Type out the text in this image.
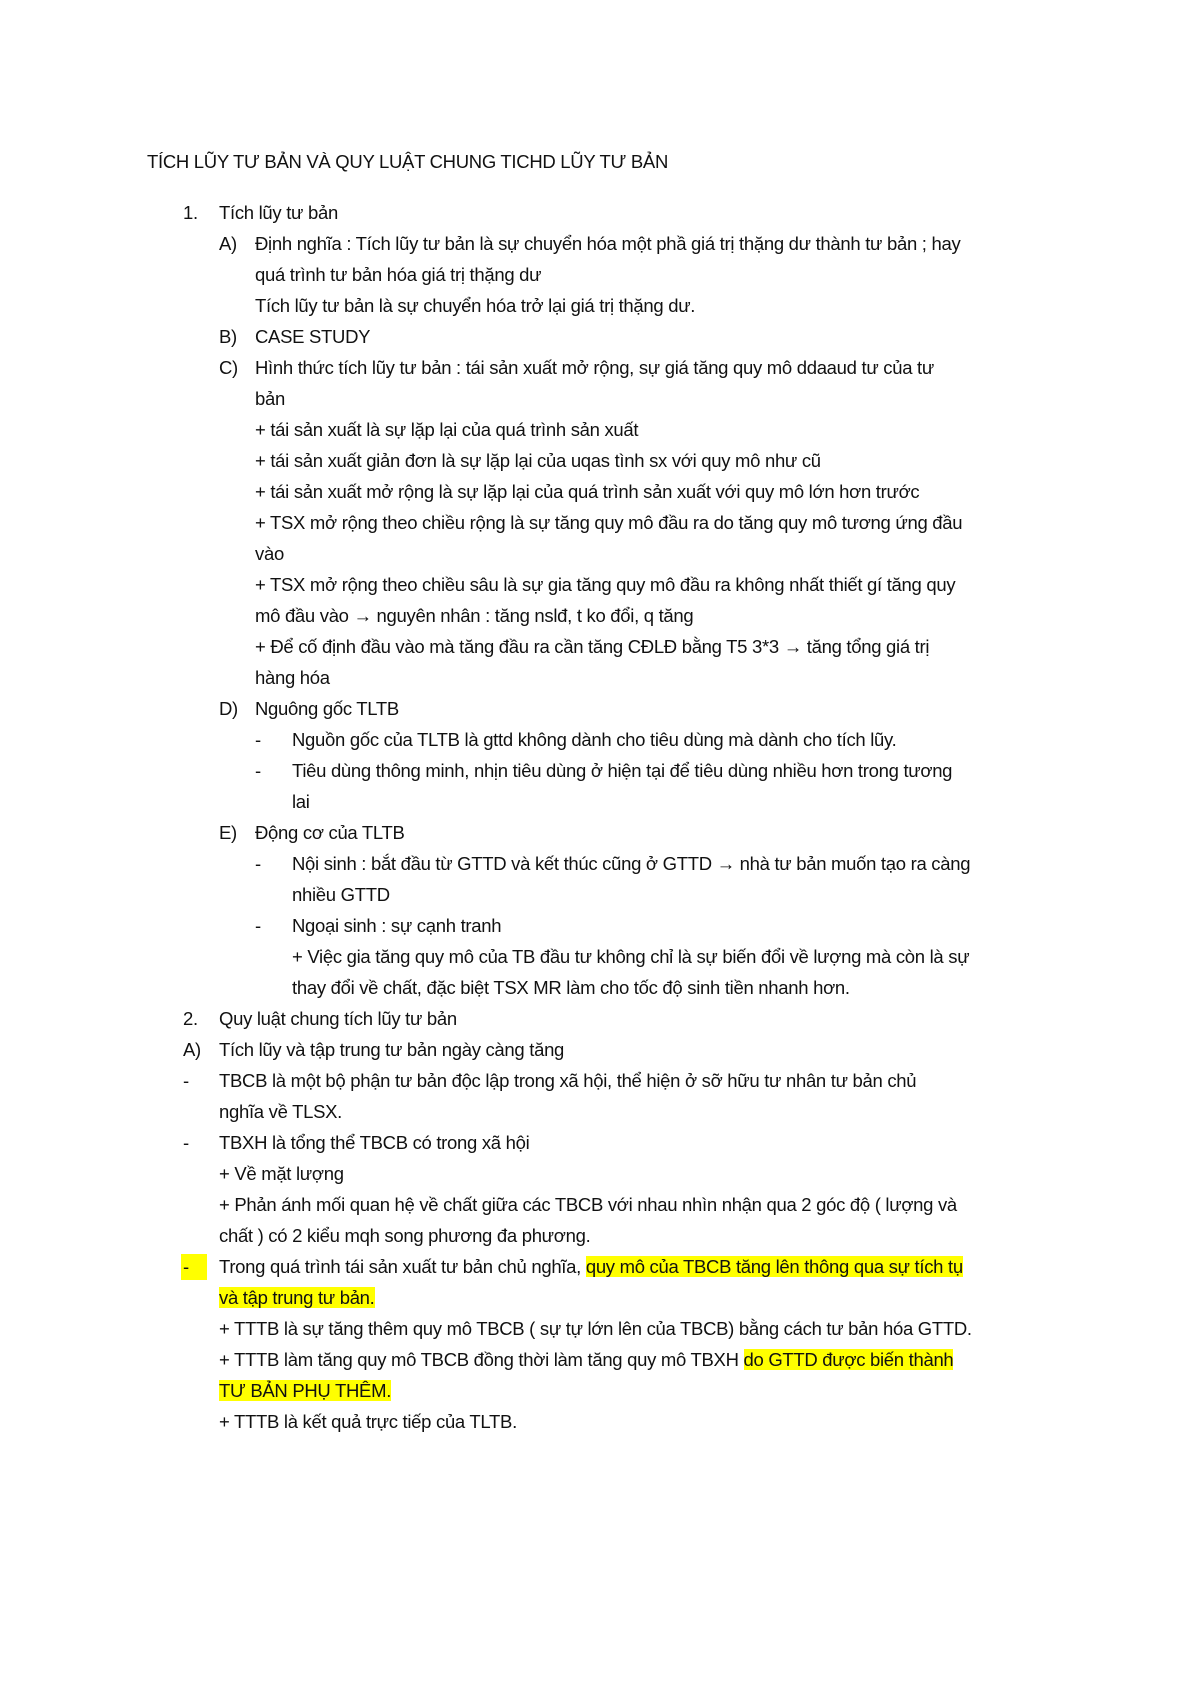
TÍCH LŨY TƯ BẢN VÀ QUY LUẬT CHUNG TICHD LŨY TƯ BẢN
1. Tích lũy tư bản
A) Định nghĩa : Tích lũy tư bản là sự chuyển hóa một phầ giá trị thặng dư thành tư bản ; hay
quá trình tư bản hóa giá trị thặng dư
Tích lũy tư bản là sự chuyển hóa trở lại giá trị thặng dư.
B) CASE STUDY
C) Hình thức tích lũy tư bản : tái sản xuất mở rộng, sự giá tăng quy mô ddaaud tư của tư
bản
+ tái sản xuất là sự lặp lại của quá trình sản xuất
+ tái sản xuất giản đơn là sự lặp lại của uqas tình sx với quy mô như cũ
+ tái sản xuất mở rộng là sự lặp lại của quá trình sản xuất với quy mô lớn hơn trước
+ TSX mở rộng theo chiều rộng là sự tăng quy mô đầu ra do tăng quy mô tương ứng đầu
vào
+ TSX mở rộng theo chiều sâu là sự gia tăng quy mô đầu ra không nhất thiết gí tăng quy
mô đầu vào → nguyên nhân : tăng nslđ, t ko đổi, q tăng
+ Để cố định đầu vào mà tăng đầu ra cần tăng CĐLĐ bằng T5 3*3 → tăng tổng giá trị
hàng hóa
D) Nguông gốc TLTB
- Nguồn gốc của TLTB là gttd không dành cho tiêu dùng mà dành cho tích lũy.
- Tiêu dùng thông minh, nhịn tiêu dùng ở hiện tại để tiêu dùng nhiều hơn trong tương
lai
E) Động cơ của TLTB
- Nội sinh : bắt đầu từ GTTD và kết thúc cũng ở GTTD → nhà tư bản muốn tạo ra càng
nhiều GTTD
- Ngoại sinh : sự cạnh tranh
+ Việc gia tăng quy mô của TB đầu tư không chỉ là sự biến đổi về lượng mà còn là sự
thay đổi về chất, đặc biệt TSX MR làm cho tốc độ sinh tiền nhanh hơn.
2. Quy luật chung tích lũy tư bản
A) Tích lũy và tập trung tư bản ngày càng tăng
- TBCB là một bộ phận tư bản độc lập trong xã hội, thể hiện ở sỡ hữu tư nhân tư bản chủ
nghĩa về TLSX.
- TBXH là tổng thể TBCB có trong xã hội
+ Về mặt lượng
+ Phản ánh mối quan hệ về chất giữa các TBCB với nhau nhìn nhận qua 2 góc độ ( lượng và
chất ) có 2 kiểu mqh song phương đa phương.
-	Trong quá trình tái sản xuất tư bản chủ nghĩa, quy mô của TBCB tăng lên thông qua sự tích tụ
và tập trung tư bản.
+ TTTB là sự tăng thêm quy mô TBCB ( sự tự lớn lên của TBCB) bằng cách tư bản hóa GTTD.
+ TTTB làm tăng quy mô TBCB đồng thời làm tăng quy mô TBXH do GTTD được biến thành
TƯ BẢN PHỤ THÊM.
+ TTTB là kết quả trực tiếp của TLTB.
